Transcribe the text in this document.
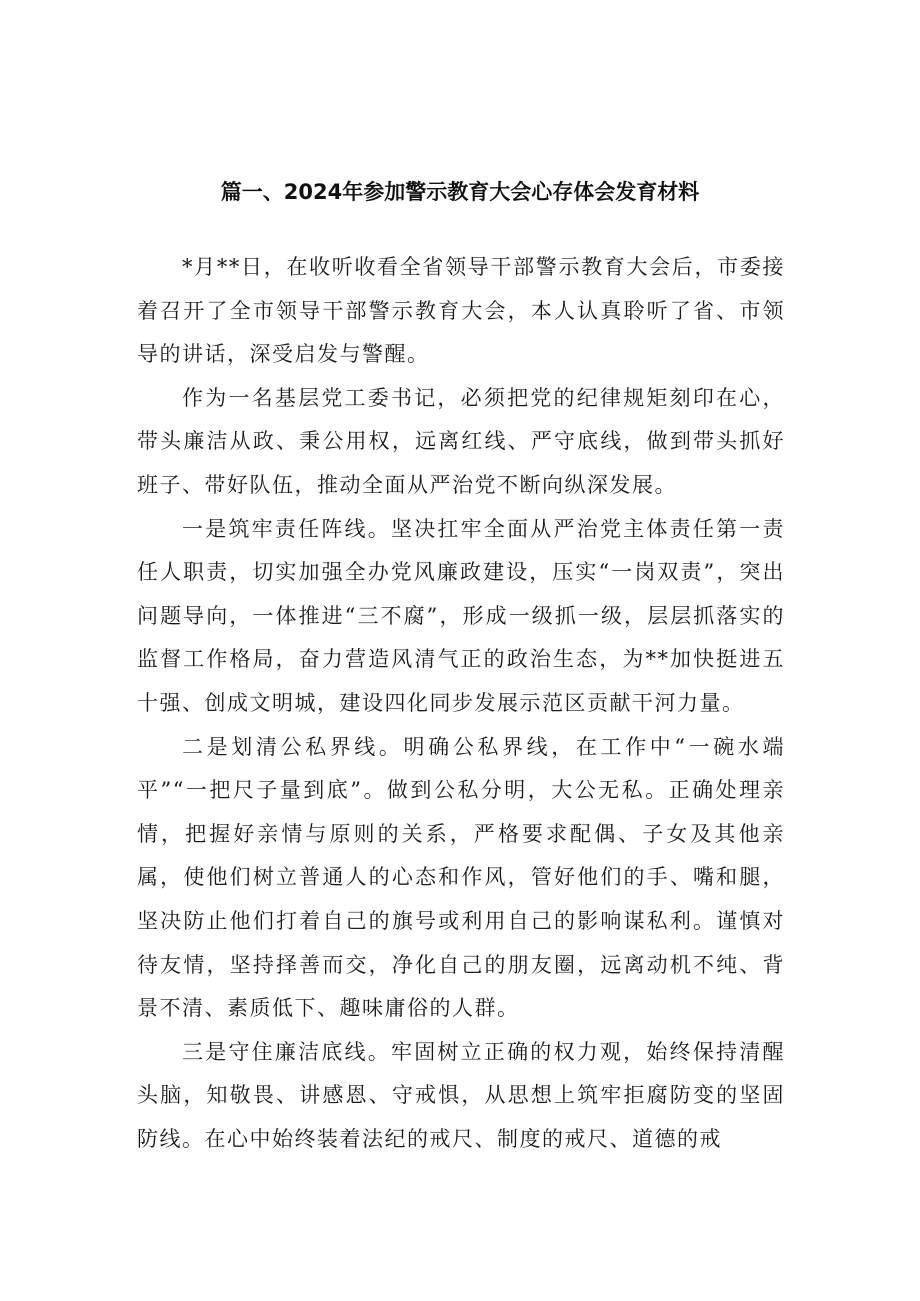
篇一、2024年参加警示教育大会心存体会发育材料

*月**日，在收听收看全省领导干部警示教育大会后，市委接着召开了全市领导干部警示教育大会，本人认真聆听了省、市领导的讲话，深受启发与警醒。

作为一名基层党工委书记，必须把党的纪律规矩刻印在心，带头廉洁从政、秉公用权，远离红线、严守底线，做到带头抓好班子、带好队伍，推动全面从严治党不断向纵深发展。

一是筑牢责任阵线。坚决扛牢全面从严治党主体责任第一责任人职责，切实加强全办党风廉政建设，压实“一岗双责”，突出问题导向，一体推进“三不腐”，形成一级抓一级，层层抓落实的监督工作格局，奋力营造风清气正的政治生态，为**加快挺进五十强、创成文明城，建设四化同步发展示范区贡献干河力量。

二是划清公私界线。明确公私界线，在工作中“一碗水端平”“一把尺子量到底”。做到公私分明，大公无私。正确处理亲情，把握好亲情与原则的关系，严格要求配偶、子女及其他亲属，使他们树立普通人的心态和作风，管好他们的手、嘴和腿，坚决防止他们打着自己的旗号或利用自己的影响谋私利。谨慎对待友情，坚持择善而交，净化自己的朋友圈，远离动机不纯、背景不清、素质低下、趣味庸俗的人群。

三是守住廉洁底线。牢固树立正确的权力观，始终保持清醒头脑，知敬畏、讲感恩、守戒惧，从思想上筑牢拒腐防变的坚固防线。在心中始终装着法纪的戒尺、制度的戒尺、道德的戒
